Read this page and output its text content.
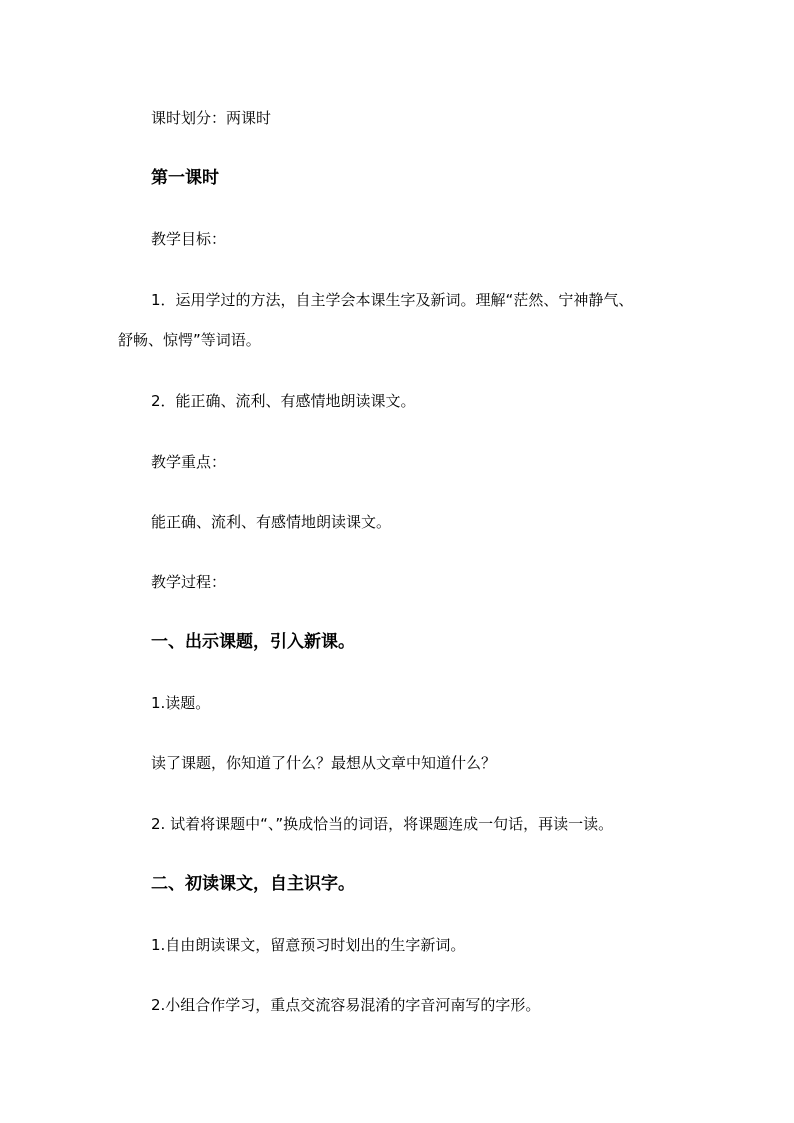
课时划分：两课时
第一课时
教学目标：
1．运用学过的方法，自主学会本课生字及新词。理解“茫然、宁神静气、
舒畅、惊愕”等词语。
2．能正确、流利、有感情地朗读课文。
教学重点：
能正确、流利、有感情地朗读课文。
教学过程：
一、出示课题，引入新课。
1.读题。
读了课题，你知道了什么？最想从文章中知道什么？
2. 试着将课题中“、”换成恰当的词语，将课题连成一句话，再读一读。
二、初读课文，自主识字。
1.自由朗读课文，留意预习时划出的生字新词。
2.小组合作学习，重点交流容易混淆的字音河南写的字形。
